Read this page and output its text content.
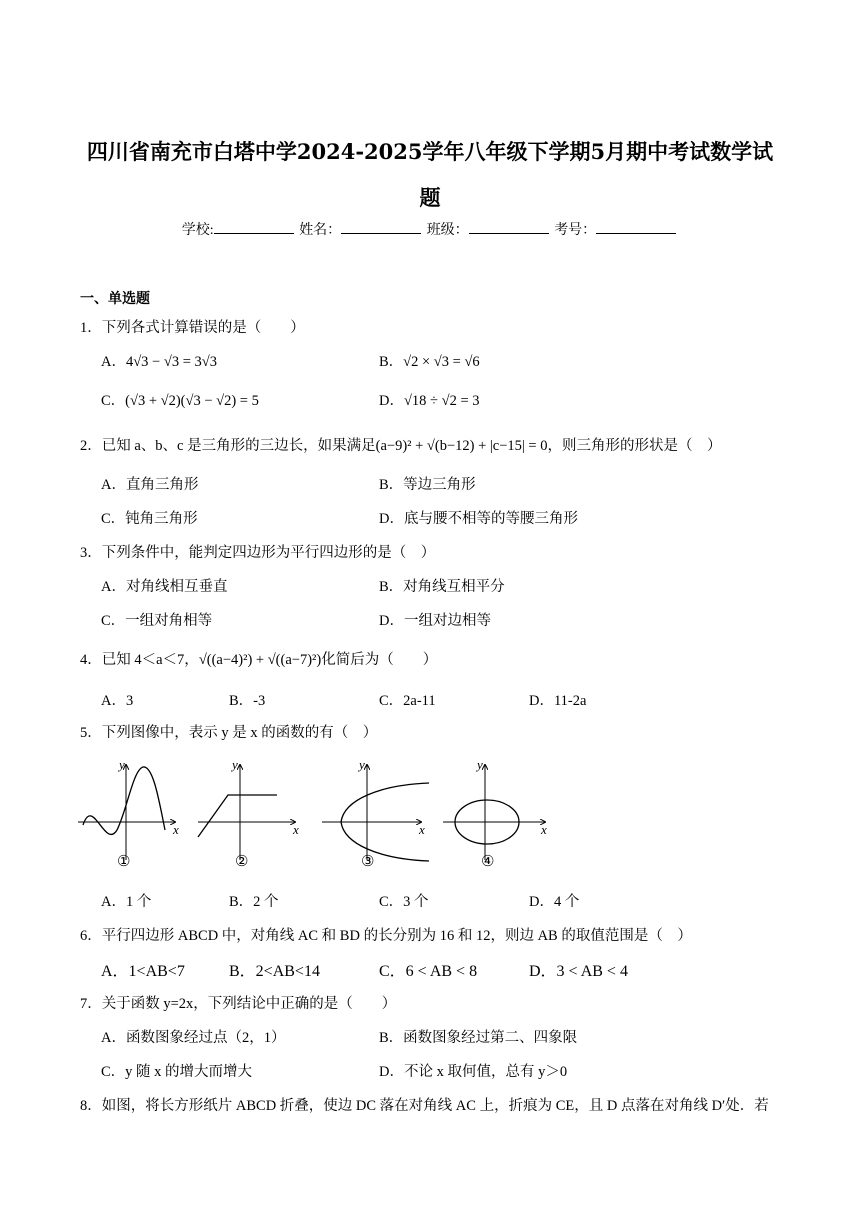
四川省南充市白塔中学2024-2025学年八年级下学期5月期中考试数学试
题
学校:	姓名：	班级：	考号：
一、单选题
1．下列各式计算错误的是（　　）
A．4√3 − √3 = 3√3	B．√2 × √3 = √6
C．(√3 + √2)(√3 − √2) = 5	D．√18 ÷ √2 = 3
2．已知 a、b、c 是三角形的三边长，如果满足(a−9)² + √(b−12) + |c−15| = 0，则三角形的形状是（　）
A．直角三角形	B．等边三角形
C．钝角三角形	D．底与腰不相等的等腰三角形
3．下列条件中，能判定四边形为平行四边形的是（　）
A．对角线相互垂直	B．对角线互相平分
C．一组对角相等	D．一组对边相等
4．已知 4＜a＜7，√((a−4)²) + √((a−7)²)化简后为（　　）
A．3	B．-3	C．2a-11	D．11-2a
5．下列图像中，表示 y 是 x 的函数的有（　）
y
x
①
y
x
②
y
x
③
y
x
④
A．1 个	B．2 个	C．3 个	D．4 个
6．平行四边形 ABCD 中，对角线 AC 和 BD 的长分别为 16 和 12，则边 AB 的取值范围是（　）
A．1<AB<7	B．2<AB<14	C．6 < AB < 8	D．3 < AB < 4
7．关于函数 y=2x，下列结论中正确的是（　　）
A．函数图象经过点（2，1）	B．函数图象经过第二、四象限
C．y 随 x 的增大而增大	D．不论 x 取何值，总有 y＞0
8．如图，将长方形纸片 ABCD 折叠，使边 DC 落在对角线 AC 上，折痕为 CE，且 D 点落在对角线 D′处．若
